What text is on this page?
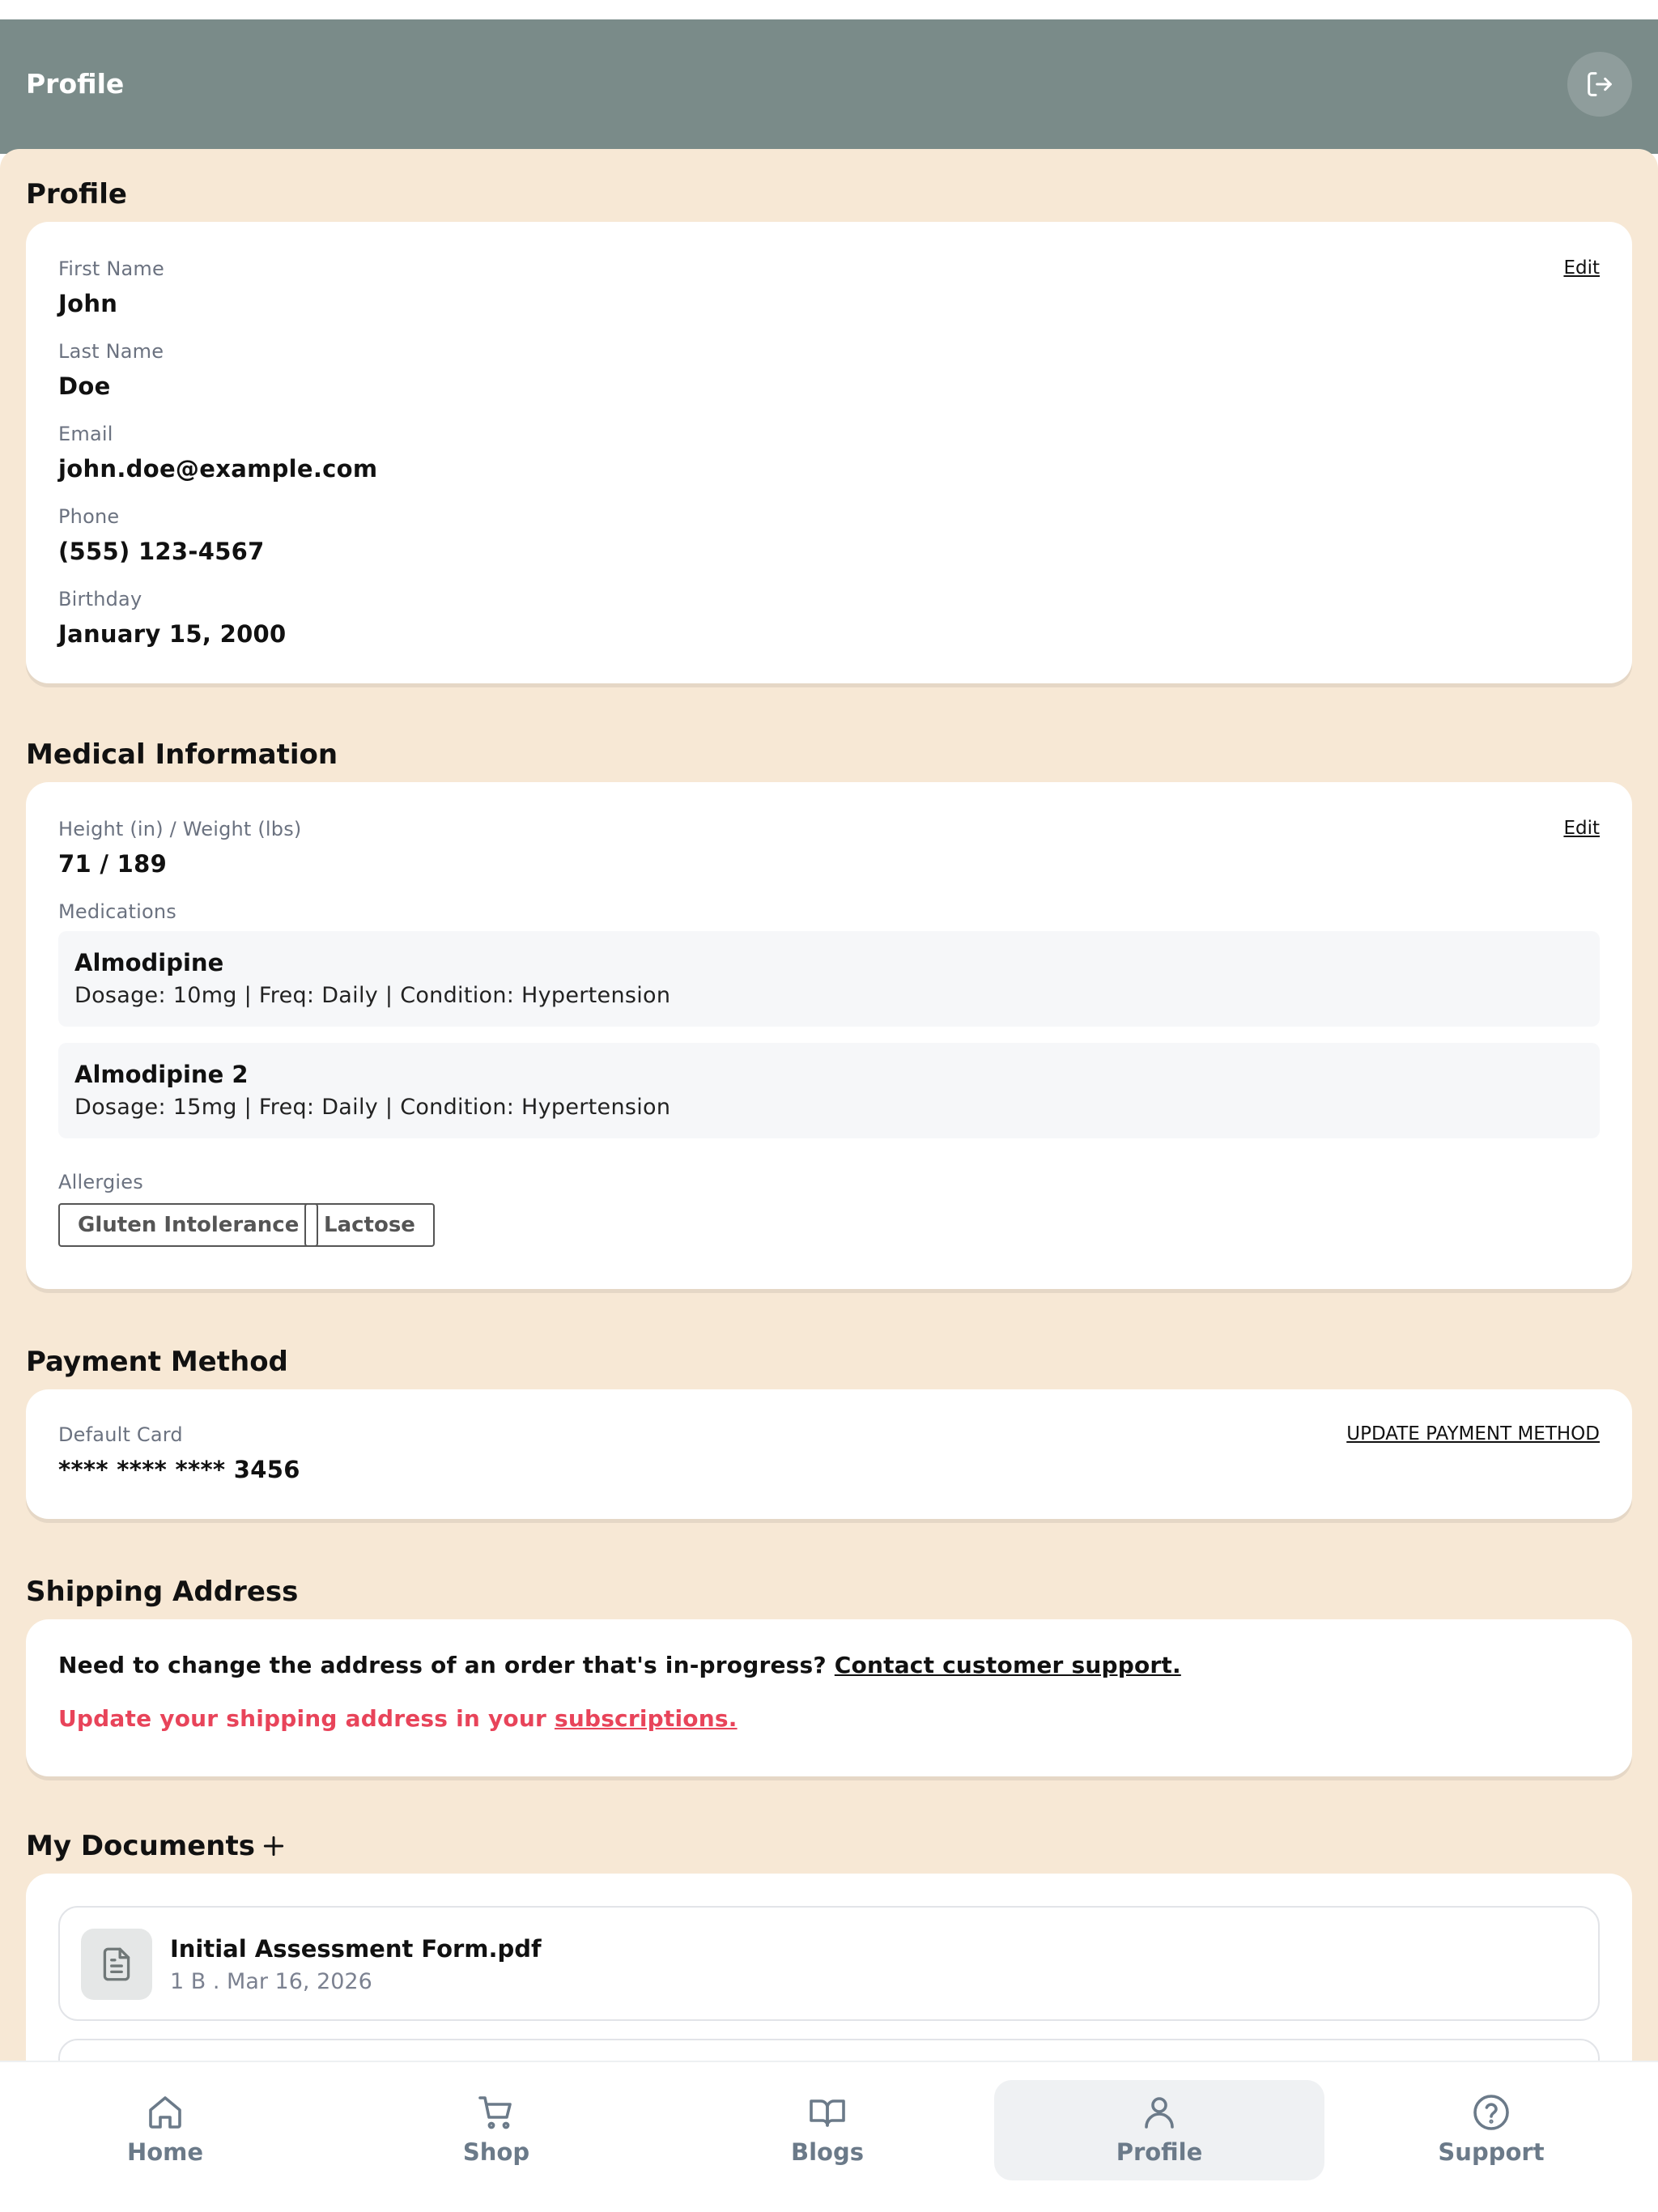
Profile
Profile
Edit
First Name
John
Last Name
Doe
Email
john.doe@example.com
Phone
(555) 123-4567
Birthday
January 15, 2000
Medical Information
Edit
Height (in) / Weight (lbs)
71 / 189
Medications
Almodipine
Dosage: 10mg | Freq: Daily | Condition: Hypertension
Almodipine 2
Dosage: 15mg | Freq: Daily | Condition: Hypertension
Allergies
Gluten Intolerance	Lactose
Payment Method
Default Card
**** **** **** 3456
UPDATE PAYMENT METHOD
Shipping Address
Need to change the address of an order that's in-progress? Contact customer support.
Update your shipping address in your subscriptions.
My Documents
Initial Assessment Form.pdf
1 B . Mar 16, 2026
Home	Shop	Blogs	Profile	Support
